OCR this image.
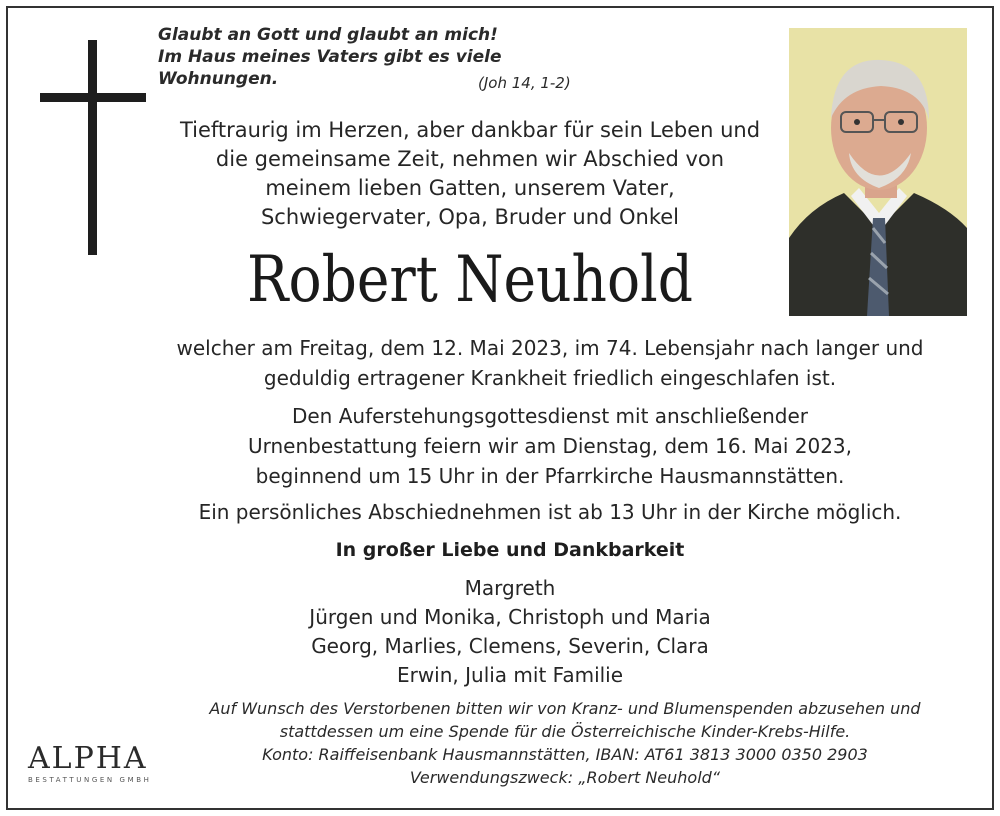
Glaubt an Gott und glaubt an mich!
Im Haus meines Vaters gibt es viele Wohnungen.	(Joh 14, 1-2)
Tieftraurig im Herzen, aber dankbar für sein Leben und
die gemeinsame Zeit, nehmen wir Abschied von
meinem lieben Gatten, unserem Vater,
Schwiegervater, Opa, Bruder und Onkel
Robert Neuhold
welcher am Freitag, dem 12. Mai 2023, im 74. Lebensjahr nach langer und
geduldig ertragener Krankheit friedlich eingeschlafen ist.
Den Auferstehungsgottesdienst mit anschließender
Urnenbestattung feiern wir am Dienstag, dem 16. Mai 2023,
beginnend um 15 Uhr in der Pfarrkirche Hausmannstätten.
Ein persönliches Abschiednehmen ist ab 13 Uhr in der Kirche möglich.
In großer Liebe und Dankbarkeit
Margreth
Jürgen und Monika, Christoph und Maria
Georg, Marlies, Clemens, Severin, Clara
Erwin, Julia mit Familie
Auf Wunsch des Verstorbenen bitten wir von Kranz- und Blumenspenden abzusehen und
stattdessen um eine Spende für die Österreichische Kinder-Krebs-Hilfe.
Konto: Raiffeisenbank Hausmannstätten, IBAN: AT61 3813 3000 0350 2903
Verwendungszweck: „Robert Neuhold“
ALPHA
BESTATTUNGEN GMBH
